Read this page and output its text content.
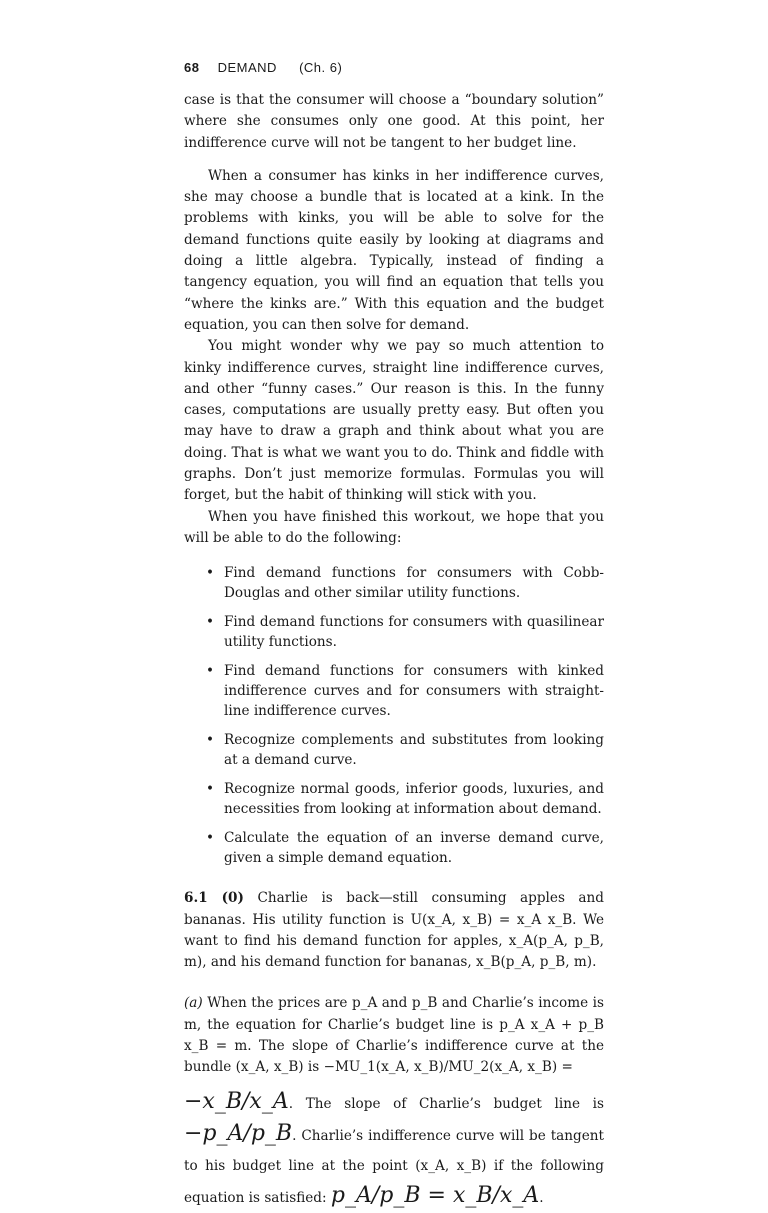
68 DEMAND (Ch. 6)

case is that the consumer will choose a “boundary solution” where she consumes only one good. At this point, her indifference curve will not be tangent to her budget line.

When a consumer has kinks in her indifference curves, she may choose a bundle that is located at a kink. In the problems with kinks, you will be able to solve for the demand functions quite easily by looking at diagrams and doing a little algebra. Typically, instead of finding a tangency equation, you will find an equation that tells you “where the kinks are.” With this equation and the budget equation, you can then solve for demand.

You might wonder why we pay so much attention to kinky indifference curves, straight line indifference curves, and other “funny cases.” Our reason is this. In the funny cases, computations are usually pretty easy. But often you may have to draw a graph and think about what you are doing. That is what we want you to do. Think and fiddle with graphs. Don’t just memorize formulas. Formulas you will forget, but the habit of thinking will stick with you.

When you have finished this workout, we hope that you will be able to do the following:

• Find demand functions for consumers with Cobb-Douglas and other similar utility functions.
• Find demand functions for consumers with quasilinear utility functions.
• Find demand functions for consumers with kinked indifference curves and for consumers with straight-line indifference curves.
• Recognize complements and substitutes from looking at a demand curve.
• Recognize normal goods, inferior goods, luxuries, and necessities from looking at information about demand.
• Calculate the equation of an inverse demand curve, given a simple demand equation.

6.1 (0) Charlie is back—still consuming apples and bananas. His utility function is U(x_A, x_B) = x_A x_B. We want to find his demand function for apples, x_A(p_A, p_B, m), and his demand function for bananas, x_B(p_A, p_B, m).

(a) When the prices are p_A and p_B and Charlie’s income is m, the equation for Charlie’s budget line is p_A x_A + p_B x_B = m. The slope of Charlie’s indifference curve at the bundle (x_A, x_B) is −MU_1(x_A, x_B)/MU_2(x_A, x_B) =

−x_B/x_A. The slope of Charlie’s budget line is −p_A/p_B. Charlie’s indifference curve will be tangent to his budget line at the point (x_A, x_B) if the following equation is satisfied: p_A/p_B = x_B/x_A.
